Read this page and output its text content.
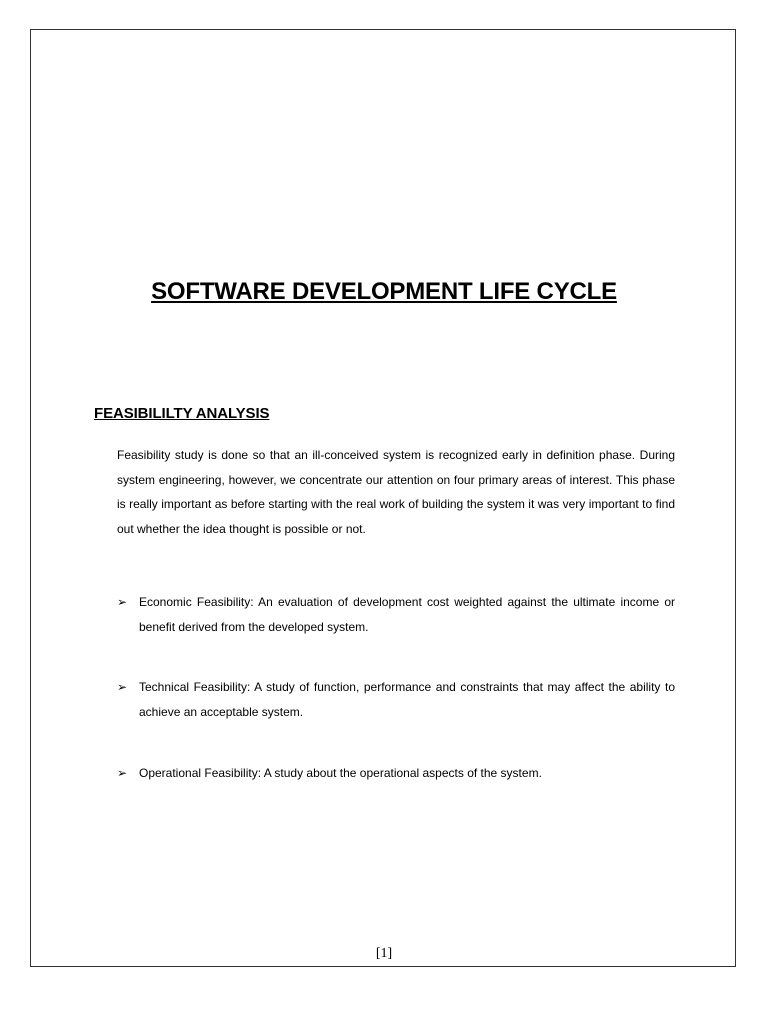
SOFTWARE DEVELOPMENT LIFE CYCLE
FEASIBILILTY ANALYSIS

Feasibility study is done so that an ill-conceived system is recognized early in definition phase. During system engineering, however, we concentrate our attention on four primary areas of interest. This phase is really important as before starting with the real work of building the system it was very important to find out whether the idea thought is possible or not.

➢ Economic Feasibility: An evaluation of development cost weighted against the ultimate income or benefit derived from the developed system.
➢ Technical Feasibility: A study of function, performance and constraints that may affect the ability to achieve an acceptable system.
➢ Operational Feasibility: A study about the operational aspects of the system.
[1]
